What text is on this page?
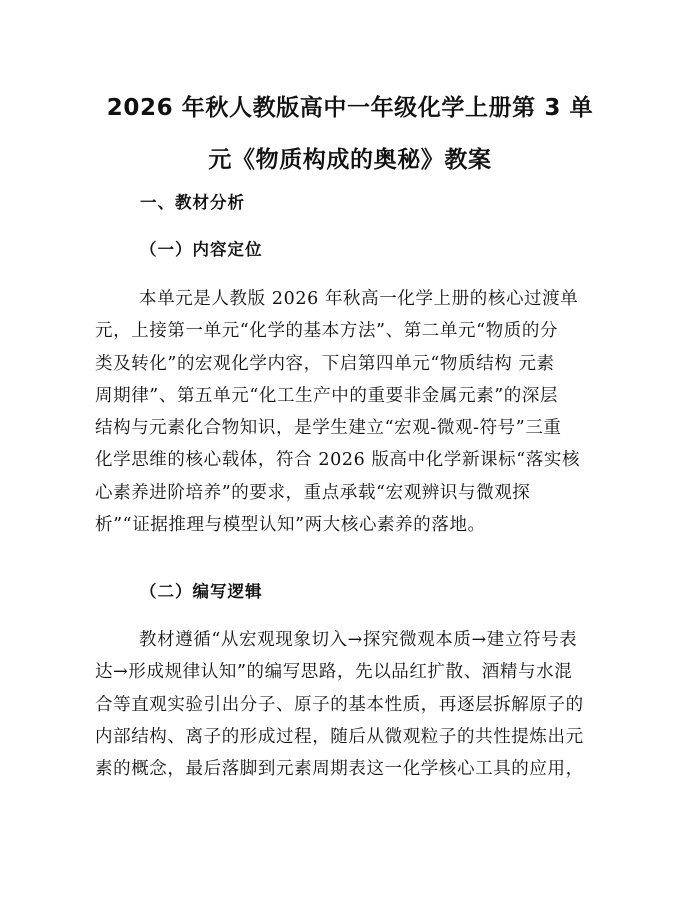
2026 年秋人教版高中一年级化学上册第 3 单
元《物质构成的奥秘》教案
一、教材分析
（一）内容定位
本单元是人教版 2026 年秋高一化学上册的核心过渡单
元，上接第一单元“化学的基本方法”、第二单元“物质的分
类及转化”的宏观化学内容，下启第四单元“物质结构 元素
周期律”、第五单元“化工生产中的重要非金属元素”的深层
结构与元素化合物知识，是学生建立“宏观-微观-符号”三重
化学思维的核心载体，符合 2026 版高中化学新课标“落实核
心素养进阶培养”的要求，重点承载“宏观辨识与微观探
析”“证据推理与模型认知”两大核心素养的落地。
（二）编写逻辑
教材遵循“从宏观现象切入→探究微观本质→建立符号表
达→形成规律认知”的编写思路，先以品红扩散、酒精与水混
合等直观实验引出分子、原子的基本性质，再逐层拆解原子的
内部结构、离子的形成过程，随后从微观粒子的共性提炼出元
素的概念，最后落脚到元素周期表这一化学核心工具的应用，
